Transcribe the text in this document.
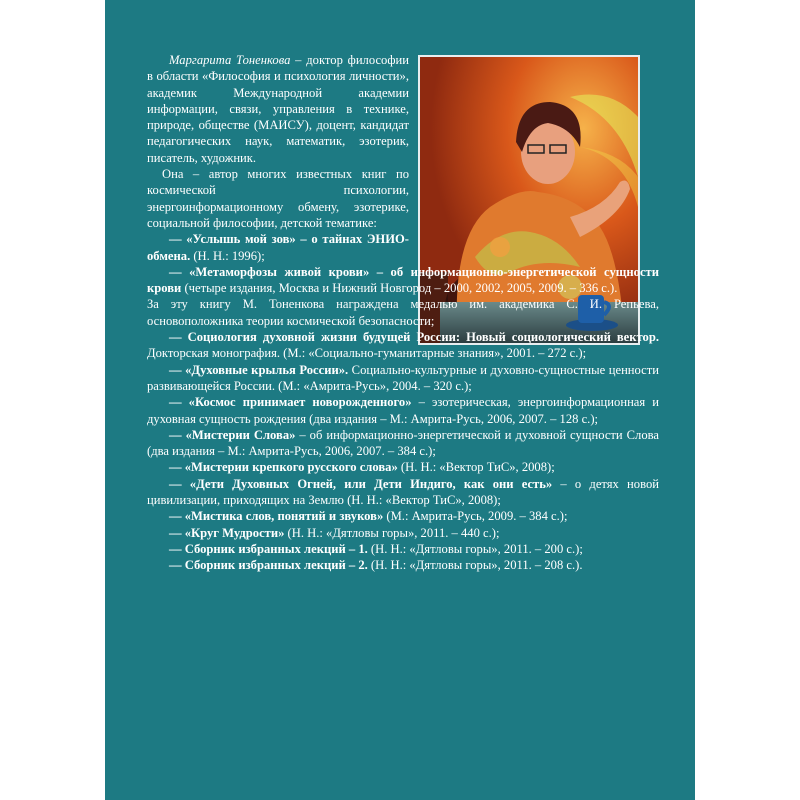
Маргарита Тоненкова – доктор философии в области «Философия и психология личности», академик Международной академии информации, связи, управления в технике, природе, обществе (МАИСУ), доцент, кандидат педагогических наук, математик, эзотерик, писатель, художник.

Она – автор многих известных книг по космической психологии, энергоинформационному обмену, эзотерике, социальной философии, детской тематике:

— «Услышь мой зов» – о тайнах ЭНИО-обмена. (Н. Н.: 1996);

— «Метаморфозы живой крови» – об информационно-энергетической сущности крови (четыре издания, Москва и Нижний Новгород – 2000, 2002, 2005, 2009. – 336 с.).

За эту книгу М. Тоненкова награждена медалью им. академика С. И. Репьева, основоположника теории космической безопасности;

— Социология духовной жизни будущей России: Новый социологический вектор. Докторская монография. (М.: «Социально-гуманитарные знания», 2001. – 272 с.);

— «Духовные крылья России». Социально-культурные и духовно-сущностные ценности развивающейся России. (М.: «Амрита-Русь», 2004. – 320 с.);

— «Космос принимает новорожденного» – эзотерическая, энергоинформационная и духовная сущность рождения (два издания – М.: Амрита-Русь, 2006, 2007. – 128 с.);

— «Мистерии Слова» – об информационно-энергетической и духовной сущности Слова (два издания – М.: Амрита-Русь, 2006, 2007. – 384 с.);

— «Мистерии крепкого русского слова» (Н. Н.: «Вектор ТиС», 2008);

— «Дети Духовных Огней, или Дети Индиго, как они есть» – о детях новой цивилизации, приходящих на Землю (Н. Н.: «Вектор ТиС», 2008);

— «Мистика слов, понятий и звуков» (М.: Амрита-Русь, 2009. – 384 с.);

— «Круг Мудрости» (Н. Н.: «Дятловы горы», 2011. – 440 с.);

— Сборник избранных лекций – 1. (Н. Н.: «Дятловы горы», 2011. – 200 с.);

— Сборник избранных лекций – 2. (Н. Н.: «Дятловы горы», 2011. – 208 с.).
